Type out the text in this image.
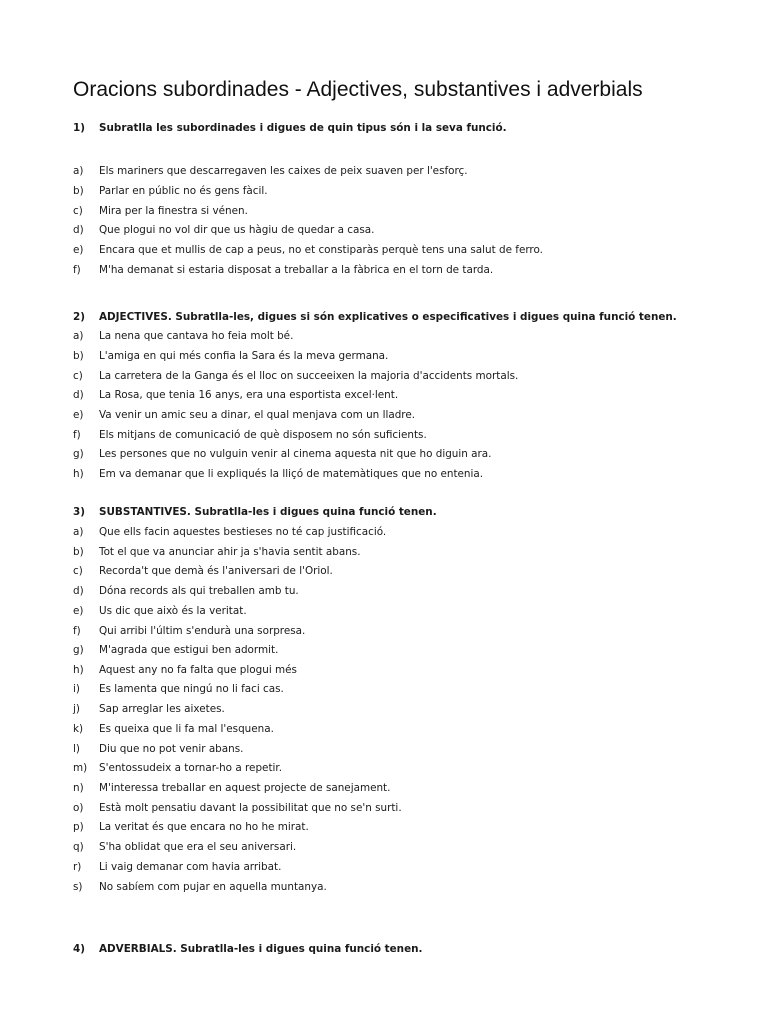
Oracions subordinades - Adjectives, substantives i adverbials
1) Subratlla les subordinades i digues de quin tipus són i la seva funció.
a) Els mariners que descarregaven les caixes de peix suaven per l'esforç.
b) Parlar en públic no és gens fàcil.
c) Mira per la finestra si vénen.
d) Que plogui no vol dir que us hàgiu de quedar a casa.
e) Encara que et mullis de cap a peus, no et constiparàs perquè tens una salut de ferro.
f) M'ha demanat si estaria disposat a treballar a la fàbrica en el torn de tarda.
2) ADJECTIVES. Subratlla-les, digues si són explicatives o especificatives i digues quina funció tenen.
a) La nena que cantava ho feia molt bé.
b) L'amiga en qui més confia la Sara és la meva germana.
c) La carretera de la Ganga és el lloc on succeeixen la majoria d'accidents mortals.
d) La Rosa, que tenia 16 anys, era una esportista excel·lent.
e) Va venir un amic seu a dinar, el qual menjava com un lladre.
f) Els mitjans de comunicació de què disposem no són suficients.
g) Les persones que no vulguin venir al cinema aquesta nit que ho diguin ara.
h) Em va demanar que li expliqués la lliçó de matemàtiques que no entenia.
3) SUBSTANTIVES. Subratlla-les i digues quina funció tenen.
a) Que ells facin aquestes bestieses no té cap justificació.
b) Tot el que va anunciar ahir ja s'havia sentit abans.
c) Recorda't que demà és l'aniversari de l'Oriol.
d) Dóna records als qui treballen amb tu.
e) Us dic que això és la veritat.
f) Qui arribi l'últim s'endurà una sorpresa.
g) M'agrada que estigui ben adormit.
h) Aquest any no fa falta que plogui més
i) Es lamenta que ningú no li faci cas.
j) Sap arreglar les aixetes.
k) Es queixa que li fa mal l'esquena.
l) Diu que no pot venir abans.
m) S'entossudeix a tornar-ho a repetir.
n) M'interessa treballar en aquest projecte de sanejament.
o) Està molt pensatiu davant la possibilitat que no se'n surti.
p) La veritat és que encara no ho he mirat.
q) S'ha oblidat que era el seu aniversari.
r) Li vaig demanar com havia arribat.
s) No sabíem com pujar en aquella muntanya.
4) ADVERBIALS. Subratlla-les i digues quina funció tenen.
